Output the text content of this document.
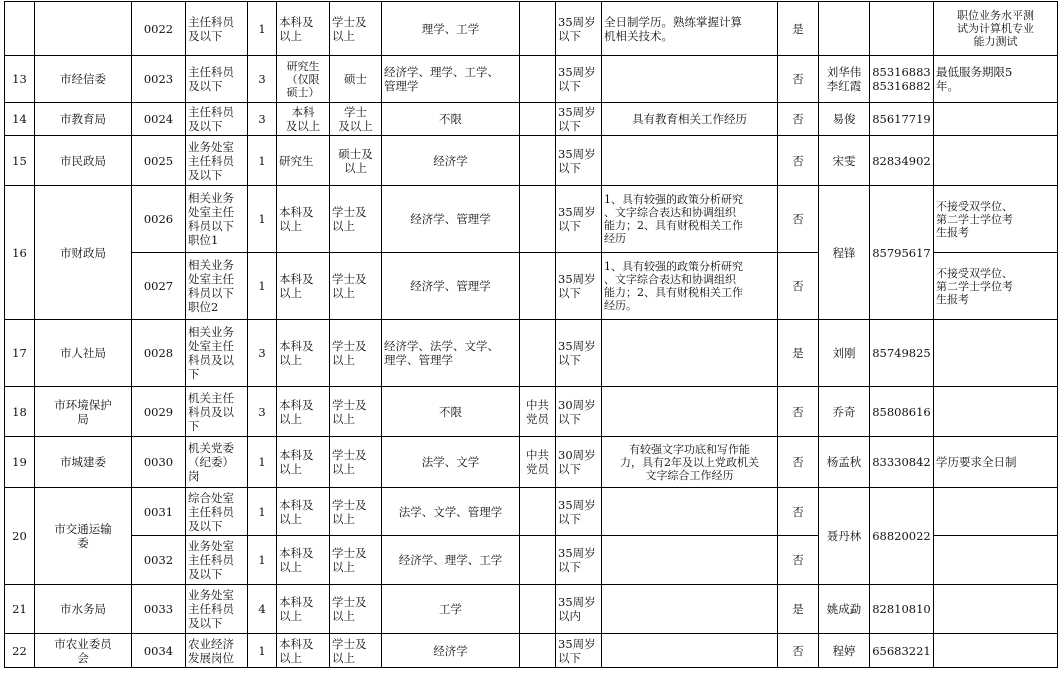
		0022	主任科员
及以下	1	本科及
以上	学士及
以上	理学、工学		35周岁
以下	全日制学历。熟练掌握计算
机相关技术。	是			职位业务水平测
试为计算机专业
能力测试
13	市经信委	0023	主任科员
及以下	3	研究生
（仅限
硕士）	硕士	经济学、理学、工学、
管理学		35周岁
以下		否	刘华伟
李红霞	85316883
85316882	最低服务期限5
年。
14	市教育局	0024	主任科员
及以下	3	本科
及以上	学士
及以上	不限		35周岁
以下	具有教育相关工作经历	否	易俊	85617719	
15	市民政局	0025	业务处室
主任科员
及以下	1	研究生	硕士及
以上	经济学		35周岁
以下		否	宋雯	82834902	
16	市财政局	0026	相关业务
处室主任
科员以下
职位1	1	本科及
以上	学士及
以上	经济学、管理学		35周岁
以下	1、具有较强的政策分析研究
、文字综合表达和协调组织
能力；2、具有财税相关工作
经历	否	程锋	85795617	不接受双学位、
第二学士学位考
生报考
		0027	相关业务
处室主任
科员以下
职位2	1	本科及
以上	学士及
以上	经济学、管理学		35周岁
以下	1、具有较强的政策分析研究
、文字综合表达和协调组织
能力；2、具有财税相关工作
经历。	否			不接受双学位、
第二学士学位考
生报考
17	市人社局	0028	相关业务
处室主任
科员及以
下	3	本科及
以上	学士及
以上	经济学、法学、文学、
理学、管理学		35周岁
以下		是	刘刚	85749825	
18	市环境保护
局	0029	机关主任
科员及以
下	3	本科及
以上	学士及
以上	不限	中共
党员	30周岁
以下		否	乔奇	85808616	
19	市城建委	0030	机关党委
（纪委）
岗	1	本科及
以上	学士及
以上	法学、文学	中共
党员	30周岁
以下	有较强文字功底和写作能
力，具有2年及以上党政机关
文字综合工作经历	否	杨孟秋	83330842	学历要求全日制
20	市交通运输
委	0031	综合处室
主任科员
及以下	1	本科及
以上	学士及
以上	法学、文学、管理学		35周岁
以下		否	聂丹林	68820022	
		0032	业务处室
主任科员
及以下	1	本科及
以上	学士及
以上	经济学、理学、工学		35周岁
以下		否			
21	市水务局	0033	业务处室
主任科员
及以下	4	本科及
以上	学士及
以上	工学		35周岁
以内		是	姚成勐	82810810	
22	市农业委员
会	0034	农业经济
发展岗位	1	本科及
以上	学士及
以上	经济学		35周岁
以下		否	程婷	65683221	
